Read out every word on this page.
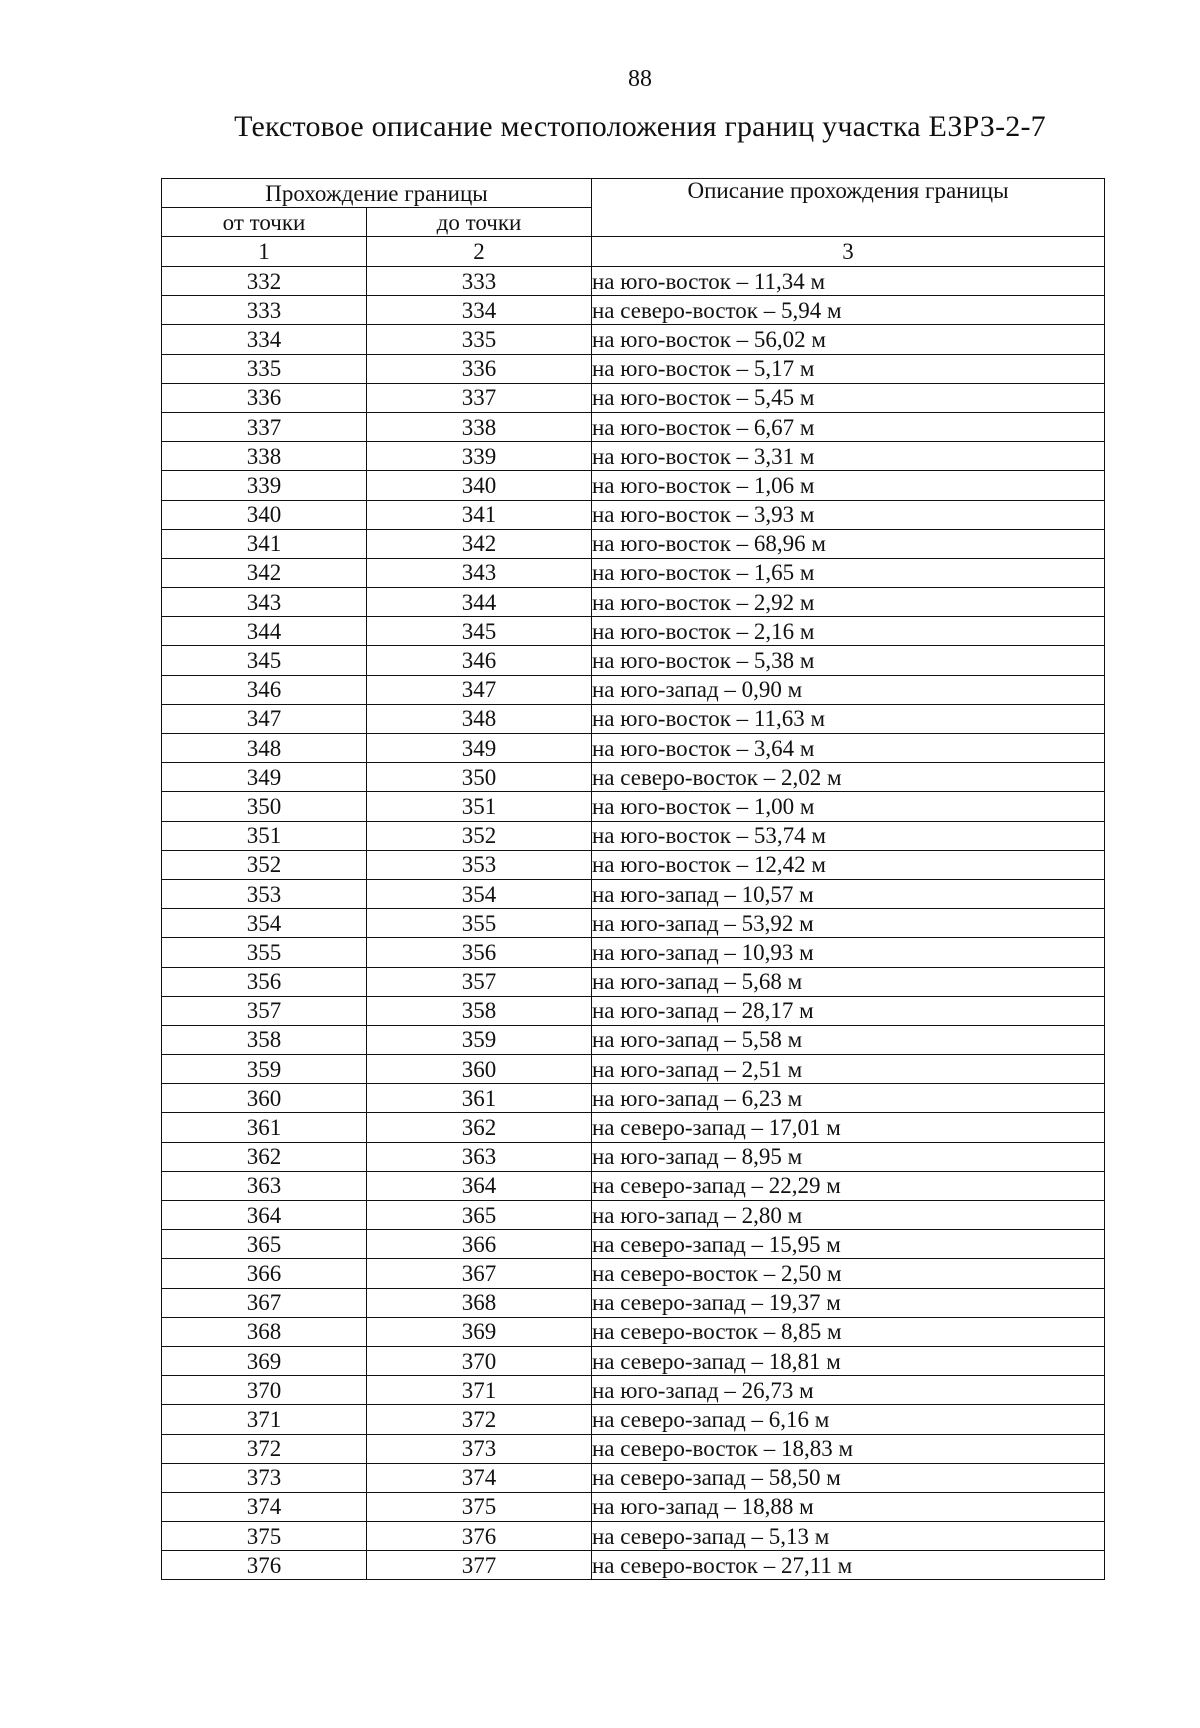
88
Текстовое описание местоположения границ участка ЕЗРЗ-2-7
Прохождение границы		Описание прохождения границы
от точки	до точки	
1	2	3
332	333	на юго-восток – 11,34 м
333	334	на северо-восток – 5,94 м
334	335	на юго-восток – 56,02 м
335	336	на юго-восток – 5,17 м
336	337	на юго-восток – 5,45 м
337	338	на юго-восток – 6,67 м
338	339	на юго-восток – 3,31 м
339	340	на юго-восток – 1,06 м
340	341	на юго-восток – 3,93 м
341	342	на юго-восток – 68,96 м
342	343	на юго-восток – 1,65 м
343	344	на юго-восток – 2,92 м
344	345	на юго-восток – 2,16 м
345	346	на юго-восток – 5,38 м
346	347	на юго-запад – 0,90 м
347	348	на юго-восток – 11,63 м
348	349	на юго-восток – 3,64 м
349	350	на северо-восток – 2,02 м
350	351	на юго-восток – 1,00 м
351	352	на юго-восток – 53,74 м
352	353	на юго-восток – 12,42 м
353	354	на юго-запад – 10,57 м
354	355	на юго-запад – 53,92 м
355	356	на юго-запад – 10,93 м
356	357	на юго-запад – 5,68 м
357	358	на юго-запад – 28,17 м
358	359	на юго-запад – 5,58 м
359	360	на юго-запад – 2,51 м
360	361	на юго-запад – 6,23 м
361	362	на северо-запад – 17,01 м
362	363	на юго-запад – 8,95 м
363	364	на северо-запад – 22,29 м
364	365	на юго-запад – 2,80 м
365	366	на северо-запад – 15,95 м
366	367	на северо-восток – 2,50 м
367	368	на северо-запад – 19,37 м
368	369	на северо-восток – 8,85 м
369	370	на северо-запад – 18,81 м
370	371	на юго-запад – 26,73 м
371	372	на северо-запад – 6,16 м
372	373	на северо-восток – 18,83 м
373	374	на северо-запад – 58,50 м
374	375	на юго-запад – 18,88 м
375	376	на северо-запад – 5,13 м
376	377	на северо-восток – 27,11 м
